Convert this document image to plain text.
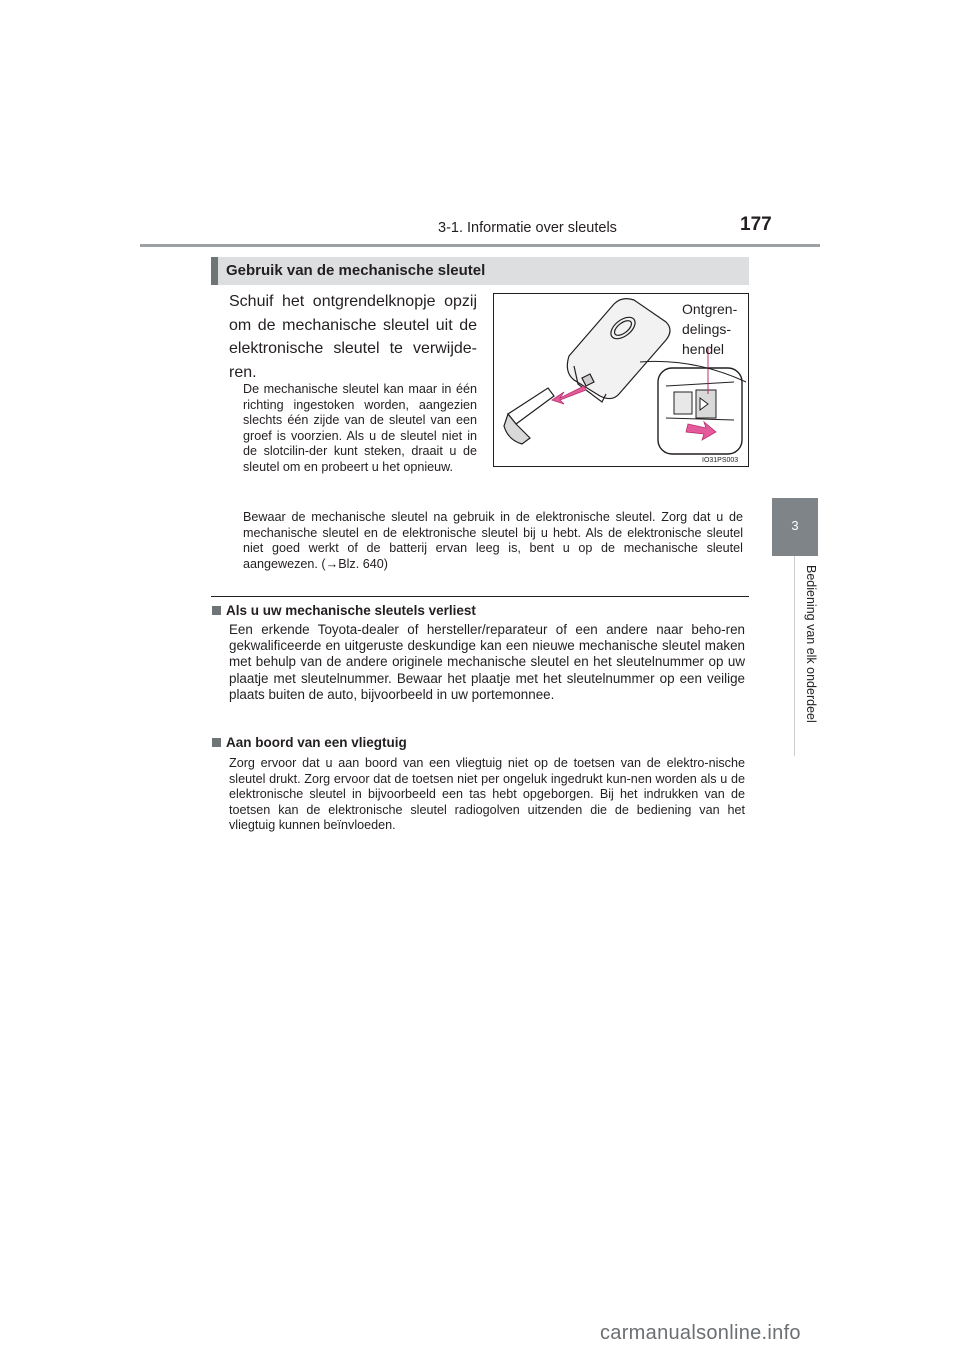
3-1. Informatie over sleutels	177
3
Bediening van elk onderdeel
Gebruik van de mechanische sleutel

Schuif het ontgrendelknopje opzij om de mechanische sleutel uit de elektronische sleutel te verwijde-ren.

De mechanische sleutel kan maar in één richting ingestoken worden, aangezien slechts één zijde van de sleutel van een groef is voorzien. Als u de sleutel niet in de slotcilin-der kunt steken, draait u de sleutel om en probeert u het opnieuw.

Ontgren-
delings-
hendel
IO31PS003

Bewaar de mechanische sleutel na gebruik in de elektronische sleutel. Zorg dat u de mechanische sleutel en de elektronische sleutel bij u hebt. Als de elektronische sleutel niet goed werkt of de batterij ervan leeg is, bent u op de mechanische sleutel aangewezen. (→Blz. 640)

Als u uw mechanische sleutels verliest

Een erkende Toyota-dealer of hersteller/reparateur of een andere naar beho-ren gekwalificeerde en uitgeruste deskundige kan een nieuwe mechanische sleutel maken met behulp van de andere originele mechanische sleutel en het sleutelnummer op uw plaatje met sleutelnummer. Bewaar het plaatje met het sleutelnummer op een veilige plaats buiten de auto, bijvoorbeeld in uw portemonnee.

Aan boord van een vliegtuig

Zorg ervoor dat u aan boord van een vliegtuig niet op de toetsen van de elektro-nische sleutel drukt. Zorg ervoor dat de toetsen niet per ongeluk ingedrukt kun-nen worden als u de elektronische sleutel in bijvoorbeeld een tas hebt opgeborgen. Bij het indrukken van de toetsen kan de elektronische sleutel radiogolven uitzenden die de bediening van het vliegtuig kunnen beïnvloeden.

carmanualsonline.info
